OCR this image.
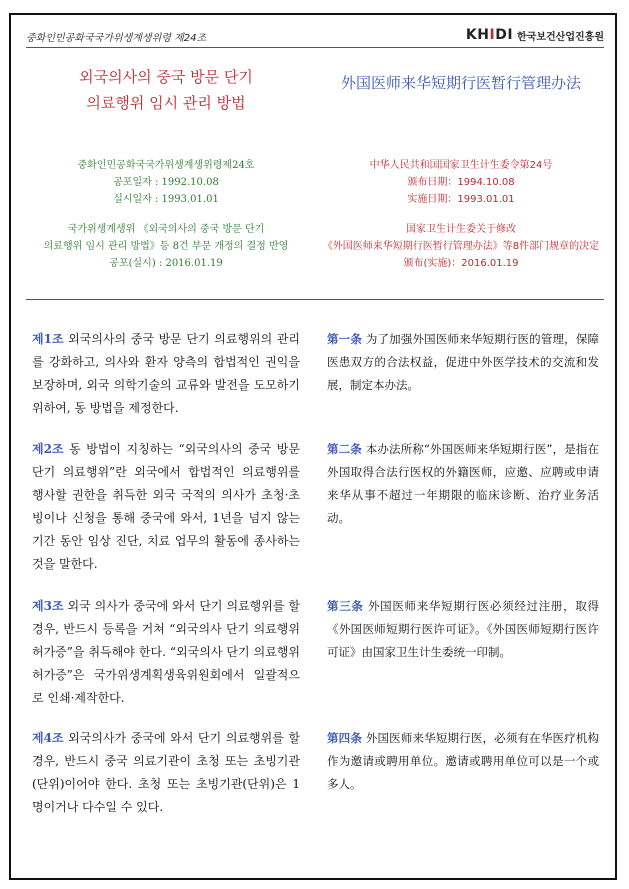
중화인민공화국국가위생계생위령 제24조	KHIDI 한국보건산업진흥원
외국의사의 중국 방문 단기
의료행위 임시 관리 방법
중화인민공화국국가위생계생위령제24호
공포일자 : 1992.10.08
실시일자 : 1993.01.01
국가위생계생위 《외국의사의 중국 방문 단기
의료행위 임시 관리 방법》등 8건 부문 개정의 결정 반영
공포(실시) : 2016.01.19
外国医师来华短期行医暂行管理办法
中华人民共和国国家卫生计生委令第24号
颁布日期：1994.10.08
实施日期：1993.01.01
国家卫生计生委关于修改
《外国医师来华短期行医暂行管理办法》等8件部门规章的决定
颁布(实施)：2016.01.19
제1조 외국의사의 중국 방문 단기 의료행위의 관리를 강화하고, 의사와 환자 양측의 합법적인 권익을 보장하며, 외국 의학기술의 교류와 발전을 도모하기 위하여, 동 방법을 제정한다.
第一条 为了加强外国医师来华短期行医的管理，保障医患双方的合法权益，促进中外医学技术的交流和发展，制定本办法。
제2조 동 방법이 지칭하는 “외국의사의 중국 방문 단기 의료행위”란 외국에서 합법적인 의료행위를 행사할 권한을 취득한 외국 국적의 의사가 초청·초빙이나 신청을 통해 중국에 와서, 1년을 넘지 않는 기간 동안 임상 진단, 치료 업무의 활동에 종사하는 것을 말한다.
第二条 本办法所称“外国医师来华短期行医”，是指在外国取得合法行医权的外籍医师，应邀、应聘或申请来华从事不超过一年期限的临床诊断、治疗业务活动。
제3조 외국 의사가 중국에 와서 단기 의료행위를 할 경우, 반드시 등록을 거쳐 “외국의사 단기 의료행위 허가증”을 취득해야 한다. “외국의사 단기 의료행위 허가증”은 국가위생계획생육위원회에서 일괄적으로 인쇄·제작한다.
第三条 外国医师来华短期行医必须经过注册，取得《外国医师短期行医许可证》。《外国医师短期行医许可证》由国家卫生计生委统一印制。
제4조 외국의사가 중국에 와서 단기 의료행위를 할 경우, 반드시 중국 의료기관이 초청 또는 초빙기관(단위)이어야 한다. 초청 또는 초빙기관(단위)은 1명이거나 다수일 수 있다.
第四条 外国医师来华短期行医，必须有在华医疗机构作为邀请或聘用单位。邀请或聘用单位可以是一个或多人。
